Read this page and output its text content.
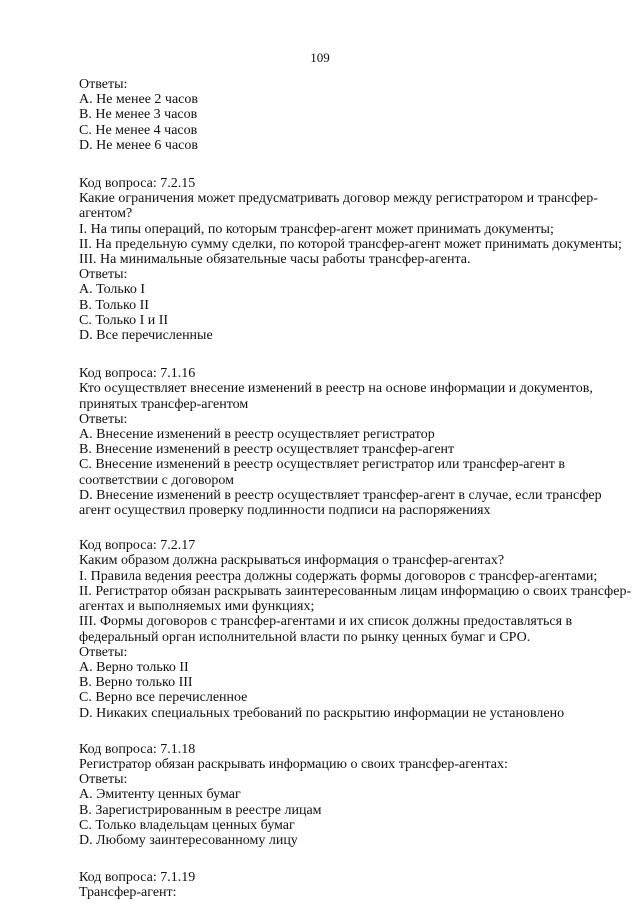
109
Ответы:
A. Не менее 2 часов
B. Не менее 3 часов
C. Не менее 4 часов
D. Не менее 6 часов
Код вопроса: 7.2.15
Какие ограничения может предусматривать договор между регистратором и трансфер-
агентом?
I. На типы операций, по которым трансфер-агент может принимать документы;
II. На предельную сумму сделки, по которой трансфер-агент может принимать документы;
III. На минимальные обязательные часы работы трансфер-агента.
Ответы:
A. Только I
B. Только II
C. Только I и II
D. Все перечисленные
Код вопроса: 7.1.16
Кто осуществляет внесение изменений в реестр на основе информации и документов,
принятых трансфер-агентом
Ответы:
A. Внесение изменений в реестр осуществляет регистратор
B. Внесение изменений в реестр осуществляет трансфер-агент
C. Внесение изменений в реестр осуществляет регистратор или трансфер-агент в
соответствии с договором
D. Внесение изменений в реестр осуществляет трансфер-агент в случае, если трансфер
агент осуществил проверку подлинности подписи на распоряжениях
Код вопроса: 7.2.17
Каким образом должна раскрываться информация о трансфер-агентах?
I. Правила ведения реестра должны содержать формы договоров с трансфер-агентами;
II. Регистратор обязан раскрывать заинтересованным лицам информацию о своих трансфер-
агентах и выполняемых ими функциях;
III. Формы договоров с трансфер-агентами и их список должны предоставляться в
федеральный орган исполнительной власти по рынку ценных бумаг и СРО.
Ответы:
A. Верно только II
B. Верно только III
C. Верно все перечисленное
D. Никаких специальных требований по раскрытию информации не установлено
Код вопроса: 7.1.18
Регистратор обязан раскрывать информацию о своих трансфер-агентах:
Ответы:
A. Эмитенту ценных бумаг
B. Зарегистрированным в реестре лицам
C. Только владельцам ценных бумаг
D. Любому заинтересованному лицу
Код вопроса: 7.1.19
Трансфер-агент:
